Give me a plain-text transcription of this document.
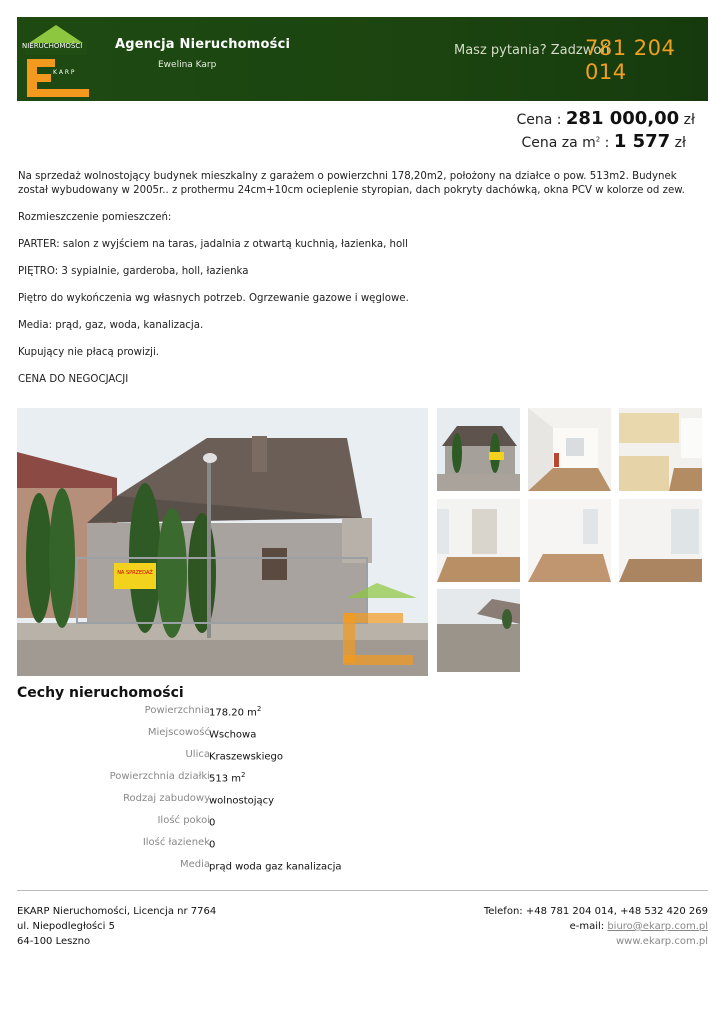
NIERUCHOMOŚCI
K A R P
Agencja Nieruchomości
Ewelina Karp
Masz pytania? Zadzwoń
781 204 014
Cena : 281 000,00 zł
Cena za $m^2$ : 1 577 zł

Na sprzedaż wolnostojący budynek mieszkalny z garażem o powierzchni 178,20m2, położony na działce o pow. 513m2. Budynek został wybudowany w 2005r.. z prothermu 24cm+10cm ocieplenie styropian, dach pokryty dachówką, okna PCV w kolorze od zew.

Rozmieszczenie pomieszczeń:

PARTER: salon z wyjściem na taras, jadalnia z otwartą kuchnią, łazienka, holl

PIĘTRO: 3 sypialnie, garderoba, holl, łazienka

Piętro do wykończenia wg własnych potrzeb. Ogrzewanie gazowe i węglowe.

Media: prąd, gaz, woda, kanalizacja.

Kupujący nie płacą prowizji.

CENA DO NEGOCJACJI

NA SPRZEDAŻ
Cechy nieruchomości
Powierzchnia 178.20 $m^2$
Miejscowość Wschowa
Ulica Kraszewskiego
Powierzchnia działki 513 $m^2$
Rodzaj zabudowy wolnostojący
Ilość pokoi 0
Ilość łazienek 0
Media prąd woda gaz kanalizacja
EKARP Nieruchomości, Licencja nr 7764
ul. Niepodległości 5
64-100 Leszno
Telefon: +48 781 204 014, +48 532 420 269
e-mail: biuro@ekarp.com.pl
www.ekarp.com.pl
